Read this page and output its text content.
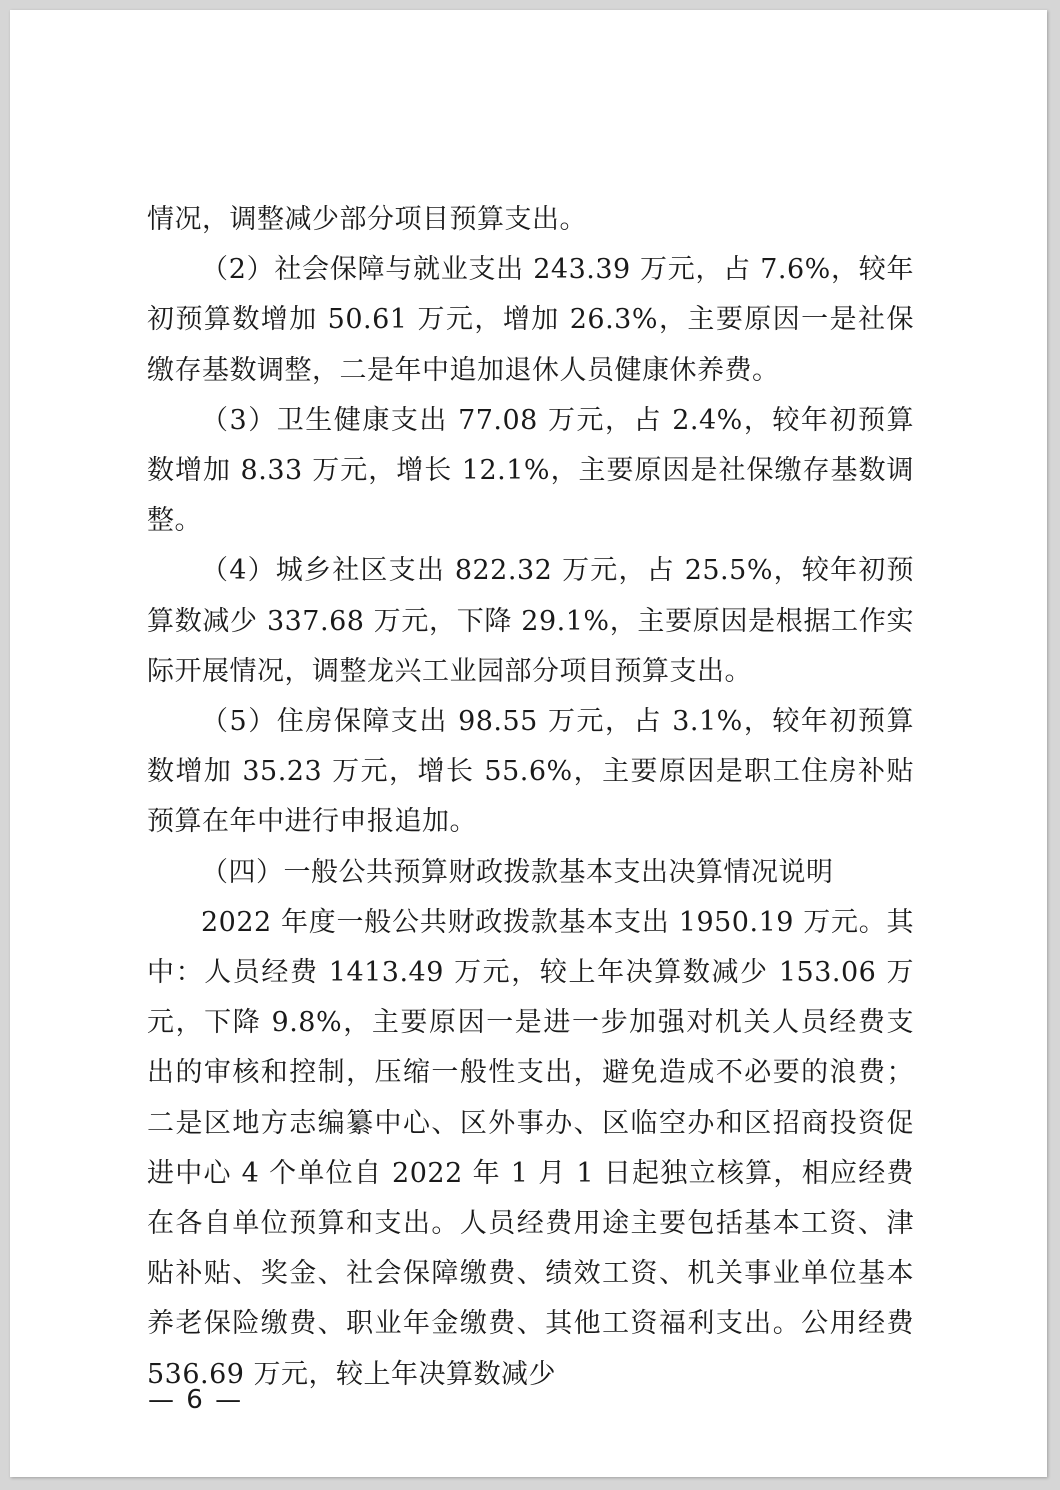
情况，调整减少部分项目预算支出。

（2）社会保障与就业支出 243.39 万元，占 7.6%，较年初预算数增加 50.61 万元，增加 26.3%，主要原因一是社保缴存基数调整，二是年中追加退休人员健康休养费。

（3）卫生健康支出 77.08 万元，占 2.4%，较年初预算数增加 8.33 万元，增长 12.1%，主要原因是社保缴存基数调整。

（4）城乡社区支出 822.32 万元，占 25.5%，较年初预算数减少 337.68 万元，下降 29.1%，主要原因是根据工作实际开展情况，调整龙兴工业园部分项目预算支出。

（5）住房保障支出 98.55 万元，占 3.1%，较年初预算数增加 35.23 万元，增长 55.6%，主要原因是职工住房补贴预算在年中进行申报追加。

（四）一般公共预算财政拨款基本支出决算情况说明

2022 年度一般公共财政拨款基本支出 1950.19 万元。其中：人员经费 1413.49 万元，较上年决算数减少 153.06 万元，下降 9.8%，主要原因一是进一步加强对机关人员经费支出的审核和控制，压缩一般性支出，避免造成不必要的浪费；二是区地方志编纂中心、区外事办、区临空办和区招商投资促进中心 4 个单位自 2022 年 1 月 1 日起独立核算，相应经费在各自单位预算和支出。人员经费用途主要包括基本工资、津贴补贴、奖金、社会保障缴费、绩效工资、机关事业单位基本养老保险缴费、职业年金缴费、其他工资福利支出。公用经费 536.69 万元，较上年决算数减少

— 6 —
